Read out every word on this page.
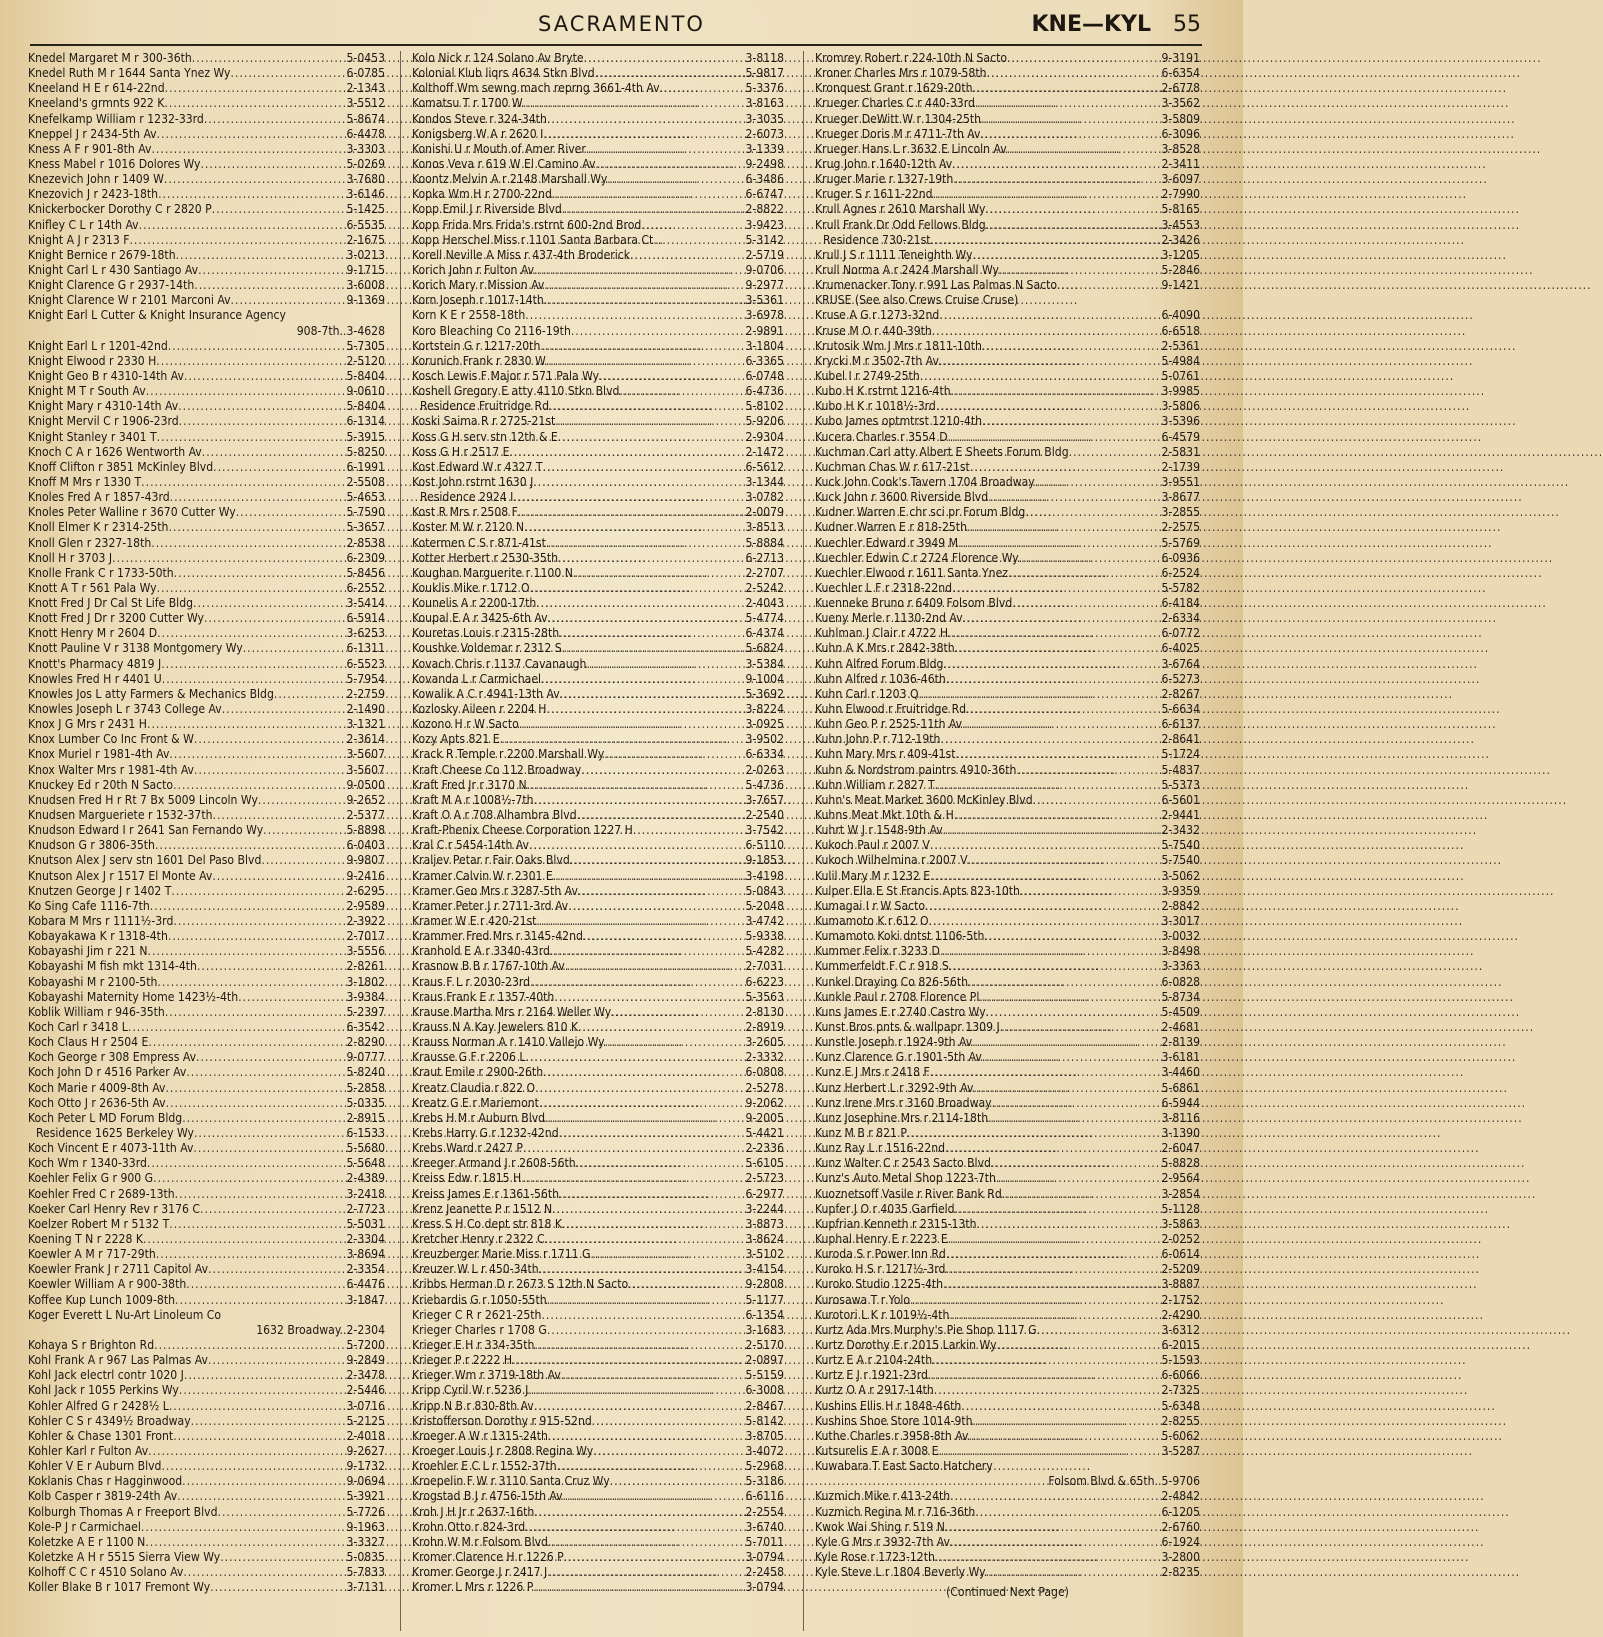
SACRAMENTO	KNE—KYL 55
Knedel Margaret M r 300-36th .....	5-0453
Knedel Ruth M r 1644 Santa Ynez Wy .....	6-0785
Kneeland H E r 614-22nd .....	2-1343
Kneeland's grmnts 922 K .....	3-5512
Knefelkamp William r 1232-33rd .....	5-8674
Kneppel J r 2434-5th Av .....	6-4478
Kness A F r 901-8th Av .....	3-3303
Kness Mabel r 1016 Dolores Wy .....	5-0269
Knezevich John r 1409 W .....	3-7680
Knezovich J r 2423-18th .....	3-6146
Knickerbocker Dorothy C r 2820 P .....	5-1425
Knifley C L r 14th Av .....	6-5535
Knight A J r 2313 F .....	2-1675
Knight Bernice r 2679-18th .....	3-0213
Knight Carl L r 430 Santiago Av .....	9-1715
Knight Clarence G r 2937-14th .....	3-6008
Knight Clarence W r 2101 Marconi Av .....	9-1369
Knight Earl L Cutter & Knight Insurance Agency
908-7th..3-4628
Knight Earl L r 1201-42nd .....	5-7305
Knight Elwood r 2330 H .....	2-5120
Knight Geo B r 4310-14th Av .....	5-8404
Knight M T r South Av .....	9-0610
Knight Mary r 4310-14th Av .....	5-8404
Knight Mervil C r 1906-23rd .....	6-1314
Knight Stanley r 3401 T .....	5-3915
Knoch C A r 1626 Wentworth Av .....	5-8250
Knoff Clifton r 3851 McKinley Blvd .....	6-1991
Knoff M Mrs r 1330 T .....	2-5508
Knoles Fred A r 1857-43rd .....	5-4653
Knoles Peter Walline r 3670 Cutter Wy .....	5-7590
Knoll Elmer K r 2314-25th .....	5-3657
Knoll Glen r 2327-18th .....	2-8538
Knoll H r 3703 J .....	6-2309
Knolle Frank C r 1733-50th .....	5-8456
Knott A T r 561 Pala Wy .....	6-2552
Knott Fred J Dr Cal St Life Bldg .....	3-5414
Knott Fred J Dr r 3200 Cutter Wy .....	6-5914
Knott Henry M r 2604 D .....	3-6253
Knott Pauline V r 3138 Montgomery Wy .....	6-1311
Knott's Pharmacy 4819 J .....	6-5523
Knowles Fred H r 4401 U .....	5-7954
Knowles Jos L atty Farmers & Mechanics Bldg .....	2-2759
Knowles Joseph L r 3743 College Av .....	2-1490
Knox J G Mrs r 2431 H .....	3-1321
Knox Lumber Co Inc Front & W .....	2-3614
Knox Muriel r 1981-4th Av .....	3-5607
Knox Walter Mrs r 1981-4th Av .....	3-5607
Knuckey Ed r 20th N Sacto .....	9-0500
Knudsen Fred H r Rt 7 Bx 5009 Lincoln Wy .....	9-2652
Knudsen Margueriete r 1532-37th .....	2-5377
Knudson Edward I r 2641 San Fernando Wy .....	5-8898
Knudson G r 3806-35th .....	6-0403
Knutson Alex J serv stn 1601 Del Paso Blvd .....	9-9807
Knutson Alex J r 1517 El Monte Av .....	9-2416
Knutzen George J r 1402 T .....	2-6295
Ko Sing Cafe 1116-7th .....	2-9589
Kobara M Mrs r 1111½-3rd .....	2-3922
Kobayakawa K r 1318-4th .....	2-7017
Kobayashi Jim r 221 N .....	3-5556
Kobayashi M fish mkt 1314-4th .....	2-8261
Kobayashi M r 2100-5th .....	3-1802
Kobayashi Maternity Home 1423½-4th .....	3-9384
Koblik William r 946-35th .....	5-2397
Koch Carl r 3418 L .....	6-3542
Koch Claus H r 2504 E .....	2-8290
Koch George r 308 Empress Av .....	9-0777
Koch John D r 4516 Parker Av .....	5-8240
Koch Marie r 4009-8th Av .....	5-2858
Koch Otto J r 2636-5th Av .....	5-0335
Koch Peter L MD Forum Bldg .....	2-8915
Residence 1625 Berkeley Wy .....	6-1533
Koch Vincent E r 4073-11th Av .....	5-5680
Koch Wm r 1340-33rd .....	5-5648
Koehler Felix G r 900 G .....	2-4389
Koehler Fred C r 2689-13th .....	3-2418
Koeker Carl Henry Rev r 3176 C .....	2-7723
Koelzer Robert M r 5132 T .....	5-5031
Koening T N r 2228 K .....	2-3304
Koewler A M r 717-29th .....	3-8694
Koewler Frank J r 2711 Capitol Av .....	2-3354
Koewler William A r 900-38th .....	6-4476
Koffee Kup Lunch 1009-8th .....	3-1847
Koger Everett L Nu-Art Linoleum Co
1632 Broadway..2-2304
Kohaya S r Brighton Rd .....	5-7200
Kohl Frank A r 967 Las Palmas Av .....	9-2849
Kohl Jack electrl contr 1020 J .....	2-3478
Kohl Jack r 1055 Perkins Wy .....	2-5446
Kohler Alfred G r 2428½ L .....	3-0716
Kohler C S r 4349½ Broadway .....	5-2125
Kohler & Chase 1301 Front .....	2-4018
Kohler Karl r Fulton Av .....	9-2627
Kohler V E r Auburn Blvd .....	9-1732
Koklanis Chas r Hagginwood .....	9-0694
Kolb Casper r 3819-24th Av .....	5-3921
Kolburgh Thomas A r Freeport Blvd .....	5-7726
Kole-P J r Carmichael .....	9-1963
Koletzke A E r 1100 N .....	3-3327
Koletzke A H r 5515 Sierra View Wy .....	5-0835
Kolhoff C C r 4510 Solano Av .....	5-7833
Koller Blake B r 1017 Fremont Wy .....	3-7131
Kolo Nick r 124 Solano Av Bryte .....	3-8118
Kolonial Klub liqrs 4634 Stkn Blvd .....	5-9817
Kolthoff Wm sewng mach reprng 3661-4th Av .....	5-3376
Komatsu T r 1700 W .....	3-8163
Kondos Steve r 324-34th .....	3-3035
Konigsberg W A r 2620 I .....	2-6073
Konishi U r Mouth of Amer River .....	3-1339
Konos Veva r 619 W El Camino Av .....	9-2498
Koontz Melvin A r 2148 Marshall Wy .....	6-3486
Kopka Wm H r 2700-22nd .....	6-6747
Kopp Emil J r Riverside Blvd .....	2-8822
Kopp Frida Mrs Frida's rstrnt 600-2nd Brod .....	3-9423
Kopp Herschel Miss r 1101 Santa Barbara Ct .....	5-3142
Korell Neville A Miss r 437-4th Broderick .....	2-5719
Korich John r Fulton Av .....	9-0706
Korich Mary r Mission Av .....	9-2977
Korn Joseph r 1017-14th .....	3-5361
Korn K E r 2558-18th .....	3-6978
Koro Bleaching Co 2116-19th .....	2-9891
Kortstein G r 1217-20th .....	3-1804
Korunich Frank r 2830 W .....	6-3365
Kosch Lewis F Major r 571 Pala Wy .....	6-0748
Koshell Gregory E atty 4110 Stkn Blvd .....	6-4736
Residence Fruitridge Rd .....	5-8102
Koski Saima R r 2725-21st .....	5-9206
Koss G H serv stn 12th & E .....	2-9304
Koss G H r 2517 E .....	2-1472
Kost Edward W r 4327 T .....	6-5612
Kost John rstrnt 1630 J .....	3-1344
Residence 2924 I .....	3-0782
Kost R Mrs r 2508 F .....	2-0079
Koster M W r 2120 N .....	3-8513
Kotermen C S r 871-41st .....	5-8884
Kotter Herbert r 2530-35th .....	6-2713
Koughan Marguerite r 1100 N .....	2-2707
Kouklis Mike r 1712 O .....	2-5242
Kounelis A r 2200-17th .....	2-4043
Koupal E A r 3425-6th Av .....	5-4774
Kouretas Louis r 2315-28th .....	6-4374
Koushke Voldemar r 2312 S .....	5-6824
Kovach Chris r 1137 Cavanaugh .....	3-5384
Kovanda L r Carmichael .....	9-1004
Kowalik A C r 4941-13th Av .....	5-3692
Kozlosky Aileen r 2204 H .....	3-8224
Kozono H r W Sacto .....	3-0925
Kozy Apts 821 E .....	3-9502
Krack R Temple r 2200 Marshall Wy .....	6-6334
Kraft Cheese Co 112 Broadway .....	2-0263
Kraft Fred Jr r 3170 N .....	5-4736
Kraft M A r 1008½-7th .....	3-7657
Kraft O A r 708 Alhambra Blvd .....	2-2540
Kraft-Phenix Cheese Corporation 1227 H .....	3-7542
Kral C r 5454-14th Av .....	6-5110
Kraljev Petar r Fair Oaks Blvd .....	9-1853
Kramer Calvin W r 2301 E .....	3-4198
Kramer Geo Mrs r 3287-5th Av .....	5-0843
Kramer Peter J r 2711-3rd Av .....	5-2048
Kramer W E r 420-21st .....	3-4742
Krammer Fred Mrs r 3145-42nd .....	5-9338
Kranhold E A r 3340-43rd .....	5-4282
Krasnow B B r 1767-10th Av .....	2-7031
Kraus F L r 2030-23rd .....	6-6223
Kraus Frank E r 1357-40th .....	5-3563
Krause Martha Mrs r 2164 Weller Wy .....	2-8130
Krauss N A Kay Jewelers 810 K .....	2-8919
Krauss Norman A r 1410 Vallejo Wy .....	3-2605
Krausse G F r 2206 L .....	2-3332
Kraut Emile r 2900-26th .....	6-0808
Kreatz Claudia r 822 O .....	2-5278
Kreatz G E r Mariemont .....	9-2062
Krebs H M r Auburn Blvd .....	9-2005
Krebs Harry G r 1232-42nd .....	5-4421
Krebs Ward r 2427 P .....	2-2336
Kreeger Armand J r 2608-56th .....	5-6105
Kreiss Edw r 1815 H .....	2-5723
Kreiss James E r 1361-56th .....	6-2977
Krenz Jeanette P r 1512 N .....	3-2244
Kress S H Co dept str 818 K .....	3-8873
Kretcher Henry r 2322 C .....	3-8624
Kreuzberger Marie Miss r 1711 G .....	3-5102
Kreuzer W L r 450-34th .....	3-4154
Kribbs Herman D r 2673 S 12th N Sacto .....	9-2808
Kriebardis G r 1050-55th .....	5-1177
Krieger C R r 2621-25th .....	6-1354
Krieger Charles r 1708 G .....	3-1683
Krieger E H r 334-35th .....	2-5170
Krieger P r 2222 H .....	2-0897
Krieger Wm r 3719-18th Av .....	5-5159
Kripp Cyril W r 5236 J .....	6-3008
Kripp N B r 830-8th Av .....	2-8467
Kristofferson Dorothy r 915-52nd .....	5-8142
Kroeger A W r 1315-24th .....	3-8705
Kroeger Louis J r 2808 Regina Wy .....	3-4072
Kroehler E C L r 1552-37th .....	5-2968
Kroepelin F W r 3110 Santa Cruz Wy .....	5-3186
Krogstad B J r 4756-15th Av .....	6-6116
Kroh J H Jr r 2637-16th .....	2-2554
Krohn Otto r 824-3rd .....	3-6740
Krohn W M r Folsom Blvd .....	5-7011
Kromer Clarence H r 1226 P .....	3-0794
Kromer George J r 2417 J .....	2-2458
Kromer L Mrs r 1226 P .....	3-0794
Kromrey Robert r 224-10th N Sacto .....	9-3191
Kroner Charles Mrs r 1079-58th .....	6-6354
Kronquest Grant r 1629-20th .....	2-6778
Krueger Charles C r 440-33rd .....	3-3562
Krueger DeWitt W r 1304-25th .....	3-5809
Krueger Doris M r 4711-7th Av .....	6-3096
Krueger Hans L r 3632 E Lincoln Av .....	3-8528
Krug John r 1640-12th Av .....	2-3411
Kruger Marie r 1327-19th .....	3-6097
Kruger S r 1611-22nd .....	2-7990
Krull Agnes r 2610 Marshall Wy .....	5-8165
Krull Frank Dr Odd Fellows Bldg .....	3-4553
Residence 730-21st .....	2-3426
Krull J S r 1111 Teneighth Wy .....	3-1205
Krull Norma A r 2424 Marshall Wy .....	5-2846
Krumenacker Tony r 991 Las Palmas N Sacto .....	9-1421
KRUSE (See also Crews Cruise Cruse)
Kruse A G r 1273-32nd .....	6-4090
Kruse M O r 440-39th .....	6-6518
Krutosik Wm J Mrs r 1811-10th .....	2-5361
Krycki M r 3502-7th Av .....	5-4984
Kubel I r 2749-25th .....	5-0761
Kubo H K rstrnt 1216-4th .....	3-9985
Kubo H K r 1018½-3rd .....	3-5806
Kubo James optmtrst 1210-4th .....	3-5396
Kucera Charles r 3554 D .....	6-4579
Kuchman Carl atty Albert E Sheets Forum Bldg .....	2-5831
Kuchman Chas W r 617-21st .....	2-1739
Kuck John Cook's Tavern 1704 Broadway .....	3-9551
Kuck John r 3600 Riverside Blvd .....	3-8677
Kudner Warren E chr sci pr Forum Bldg .....	3-2855
Kudner Warren E r 818-25th .....	2-2575
Kuechler Edward r 3949 M .....	5-5769
Kuechler Edwin C r 2724 Florence Wy .....	6-0936
Kuechler Elwood r 1611 Santa Ynez .....	6-2524
Kuechler L F r 2318-22nd .....	5-5782
Kuenneke Bruno r 6409 Folsom Blvd .....	6-4184
Kueny Merle r 1130-2nd Av .....	2-6334
Kuhlman J Clair r 4722 H .....	6-0772
Kuhn A K Mrs r 2842-38th .....	6-4025
Kuhn Alfred Forum Bldg .....	3-6764
Kuhn Alfred r 1036-46th .....	6-5273
Kuhn Carl r 1203 Q .....	2-8267
Kuhn Elwood r Fruitridge Rd .....	5-6634
Kuhn Geo P r 2525-11th Av .....	6-6137
Kuhn John P r 712-19th .....	2-8641
Kuhn Mary Mrs r 409-41st .....	5-1724
Kuhn & Nordstrom paintrs 4910-36th .....	5-4837
Kuhn William r 2827 T .....	5-5373
Kuhn's Meat Market 3600 McKinley Blvd .....	6-5601
Kuhns Meat Mkt 10th & H .....	2-9441
Kuhrt W J r 1548-9th Av .....	2-3432
Kukoch Paul r 2007 V .....	5-7540
Kukoch Wilhelmina r 2007 V .....	5-7540
Kulil Mary M r 1232 E .....	3-5062
Kulper Ella E St Francis Apts 823-10th .....	3-9359
Kumagai I r W Sacto .....	2-8842
Kumamoto K r 612 O .....	3-3017
Kumamoto Koki dntst 1106-5th .....	3-0032
Kummer Felix r 3233 D .....	3-8498
Kummerfeldt F C r 918 S .....	3-3363
Kunkel Draying Co 826-56th .....	6-0828
Kunkle Paul r 2708 Florence Pl .....	5-8734
Kuns James E r 2740 Castro Wy .....	5-4509
Kunst Bros pnts & wallpapr 1309 J .....	2-4681
Kunstle Joseph r 1924-9th Av .....	2-8139
Kunz Clarence G r 1901-5th Av .....	3-6181
Kunz E J Mrs r 2418 F .....	3-4460
Kunz Herbert L r 3292-9th Av .....	5-6861
Kunz Irene Mrs r 3160 Broadway .....	6-5944
Kunz Josephine Mrs r 2114-18th .....	3-8116
Kunz M B r 821 P .....	3-1390
Kunz Ray L r 1516-22nd .....	2-6047
Kunz Walter C r 2543 Sacto Blvd .....	5-8828
Kunz's Auto Metal Shop 1223-7th .....	2-9564
Kuoznetsoff Vasile r River Bank Rd .....	3-2854
Kupfer J O r 4035 Garfield .....	5-1128
Kupfrian Kenneth r 2315-13th .....	3-5863
Kuphal Henry E r 2223 E .....	2-0252
Kuroda S r Power Inn Rd .....	6-0614
Kuroko H S r 1217½-3rd .....	2-5209
Kuroko Studio 1225-4th .....	3-8887
Kurosawa T r Yolo .....	2-1752
Kurotori L K r 1019½-4th .....	2-4290
Kurtz Ada Mrs Murphy's Pie Shop 1117 G .....	3-6312
Kurtz Dorothy E r 2015 Larkin Wy .....	6-2015
Kurtz E A r 2104-24th .....	5-1593
Kurtz E J r 1921-23rd .....	6-6066
Kurtz O A r 2917-14th .....	2-7325
Kushins Ellis H r 1848-46th .....	5-6348
Kushins Shoe Store 1014-9th .....	2-8255
Kuthe Charles r 3958-8th Av .....	5-6062
Kutsurelis E A r 3008 E .....	3-5287
Kuwabara T East Sacto Hatchery
Folsom Blvd & 65th..5-9706
Kuzmich Mike r 413-24th .....	2-4842
Kuzmich Regina M r 716-36th .....	6-1205
Kwok Wai Shing r 519 N .....	2-6760
Kyle G Mrs r 3932-7th Av .....	6-1924
Kyle Rose r 1723-12th .....	3-2800
Kyle Steve L r 1804 Beverly Wy .....	2-8235
(Continued Next Page)
